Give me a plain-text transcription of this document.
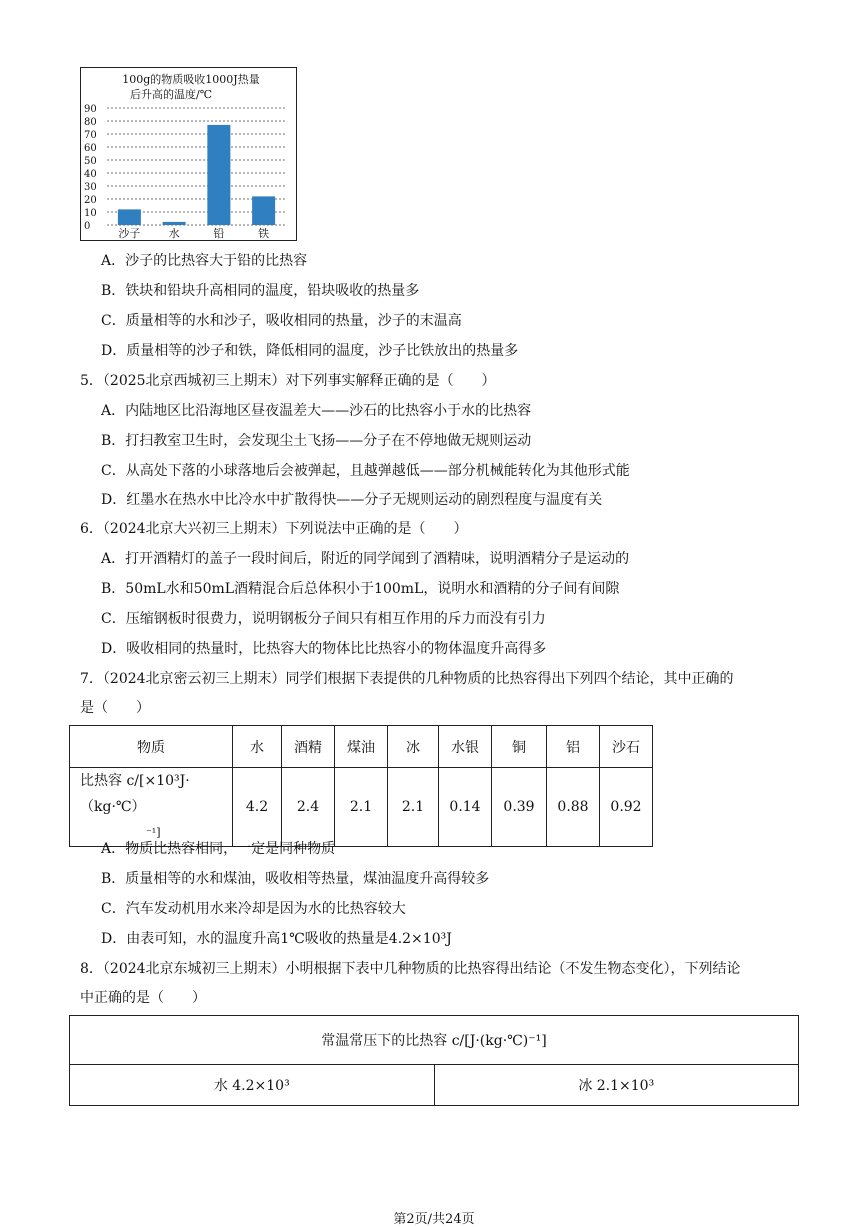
100g的物质吸收1000J热量
后升高的温度/℃
90
80
70
60
50
40
30
20
10
0
沙子	水	铅	铁
A．沙子的比热容大于铅的比热容
B．铁块和铅块升高相同的温度，铅块吸收的热量多
C．质量相等的水和沙子，吸收相同的热量，沙子的末温高
D．质量相等的沙子和铁，降低相同的温度，沙子比铁放出的热量多
5．（2025北京西城初三上期末）对下列事实解释正确的是（　　）
A．内陆地区比沿海地区昼夜温差大——沙石的比热容小于水的比热容
B．打扫教室卫生时，会发现尘土飞扬——分子在不停地做无规则运动
C．从高处下落的小球落地后会被弹起，且越弹越低——部分机械能转化为其他形式能
D．红墨水在热水中比冷水中扩散得快——分子无规则运动的剧烈程度与温度有关
6．（2024北京大兴初三上期末）下列说法中正确的是（　　）
A．打开酒精灯的盖子一段时间后，附近的同学闻到了酒精味，说明酒精分子是运动的
B．50mL水和50mL酒精混合后总体积小于100mL，说明水和酒精的分子间有间隙
C．压缩钢板时很费力，说明钢板分子间只有相互作用的斥力而没有引力
D．吸收相同的热量时，比热容大的物体比比热容小的物体温度升高得多
7．（2024北京密云初三上期末）同学们根据下表提供的几种物质的比热容得出下列四个结论，其中正确的
是（　　）
物质	水	酒精	煤油	冰	水银	铜	铝	沙石

比热容 c/[×10³J·（kg·℃）
⁻¹]	4.2	2.4	2.1	2.1	0.14	0.39	0.88	0.92
A．物质比热容相同，一定是同种物质
B．质量相等的水和煤油，吸收相等热量，煤油温度升高得较多
C．汽车发动机用水来冷却是因为水的比热容较大
D．由表可知，水的温度升高1℃吸收的热量是4.2×10³J
8．（2024北京东城初三上期末）小明根据下表中几种物质的比热容得出结论（不发生物态变化），下列结论
中正确的是（　　）
常温常压下的比热容 c/[J·(kg·℃)⁻¹]
水 4.2×10³	冰 2.1×10³
第2页/共24页
